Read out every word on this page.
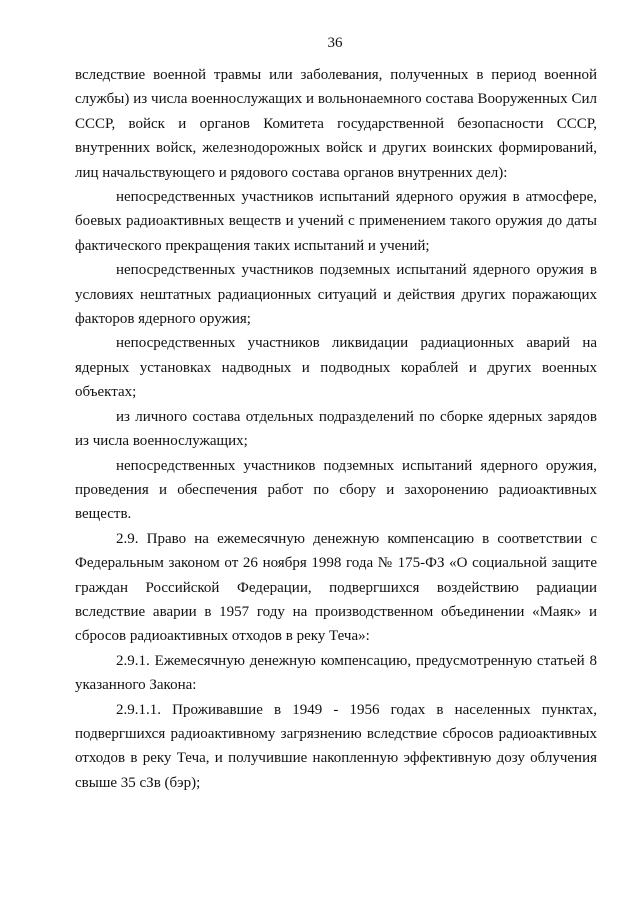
36

вследствие военной травмы или заболевания, полученных в период военной службы) из числа военнослужащих и вольнонаемного состава Вооруженных Сил СССР, войск и органов Комитета государственной безопасности СССР, внутренних войск, железнодорожных войск и других воинских формирований, лиц начальствующего и рядового состава органов внутренних дел):

непосредственных участников испытаний ядерного оружия в атмосфере, боевых радиоактивных веществ и учений с применением такого оружия до даты фактического прекращения таких испытаний и учений;

непосредственных участников подземных испытаний ядерного оружия в условиях нештатных радиационных ситуаций и действия других поражающих факторов ядерного оружия;

непосредственных участников ликвидации радиационных аварий на ядерных установках надводных и подводных кораблей и других военных объектах;

из личного состава отдельных подразделений по сборке ядерных зарядов из числа военнослужащих;

непосредственных участников подземных испытаний ядерного оружия, проведения и обеспечения работ по сбору и захоронению радиоактивных веществ.

2.9. Право на ежемесячную денежную компенсацию в соответствии с Федеральным законом от 26 ноября 1998 года № 175-ФЗ «О социальной защите граждан Российской Федерации, подвергшихся воздействию радиации вследствие аварии в 1957 году на производственном объединении «Маяк» и сбросов радиоактивных отходов в реку Теча»:

2.9.1. Ежемесячную денежную компенсацию, предусмотренную статьей 8 указанного Закона:

2.9.1.1. Проживавшие в 1949 - 1956 годах в населенных пунктах, подвергшихся радиоактивному загрязнению вследствие сбросов радиоактивных отходов в реку Теча, и получившие накопленную эффективную дозу облучения свыше 35 сЗв (бэр);
